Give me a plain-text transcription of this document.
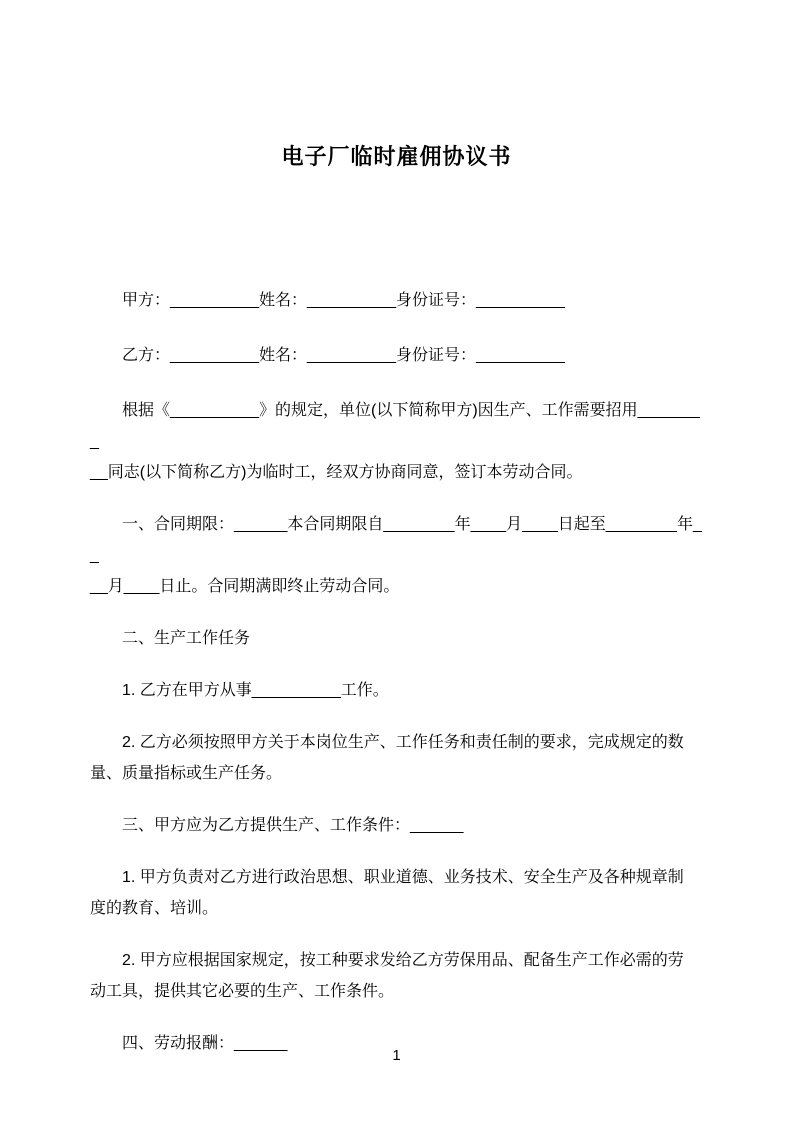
电子厂临时雇佣协议书

甲方：__________姓名：__________身份证号：__________

乙方：__________姓名：__________身份证号：__________

根据《__________》的规定，单位(以下简称甲方)因生产、工作需要招用________
__同志(以下简称乙方)为临时工，经双方协商同意，签订本劳动合同。

一、合同期限：______本合同期限自________年____月____日起至________年__
__月____日止。合同期满即终止劳动合同。

二、生产工作任务

1. 乙方在甲方从事__________工作。

2. 乙方必须按照甲方关于本岗位生产、工作任务和责任制的要求，完成规定的数
量、质量指标或生产任务。

三、甲方应为乙方提供生产、工作条件：______

1. 甲方负责对乙方进行政治思想、职业道德、业务技术、安全生产及各种规章制
度的教育、培训。

2. 甲方应根据国家规定，按工种要求发给乙方劳保用品、配备生产工作必需的劳
动工具，提供其它必要的生产、工作条件。

四、劳动报酬：______

1
